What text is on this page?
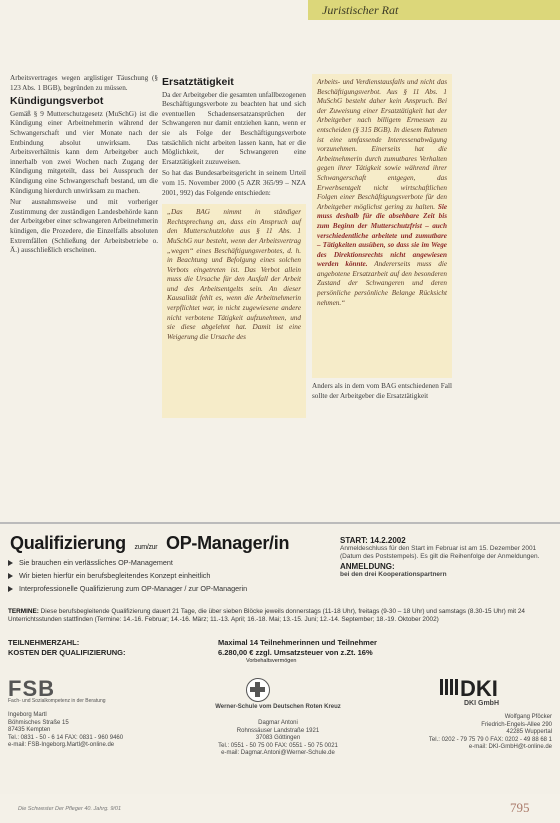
Juristischer Rat

Arbeitsvertrages wegen arglistiger Täuschung (§ 123 Abs. 1 BGB), begründen zu müssen.

Kündigungsverbot

Gemäß § 9 Mutterschutzgesetz (MuSchG) ist die Kündigung einer Arbeitnehmerin während der Schwangerschaft und vier Monate nach der Entbindung absolut unwirksam. Das Arbeitsverhältnis kann dem Arbeitgeber auch innerhalb von zwei Wochen nach Zugang der Kündigung mitgeteilt, dass bei Ausspruch der Kündigung eine Schwangerschaft bestand, um die Kündigung hierdurch unwirksam zu machen.

Nur ausnahmsweise und mit vorheriger Zustimmung der zuständigen Landesbehörde kann der Arbeitgeber einer schwangeren Arbeitnehmerin kündigen, die Prozedere, die Einzelfalls absoluten Extremfällen (Schließung der Arbeitsbetriebe o. Ä.) ausschließlich erscheinen.

Ersatztätigkeit

Da der Arbeitgeber die gesamten unfallbezogenen Beschäftigungsverbote zu beachten hat und sich eventuellen Schadensersatzansprüchen der Schwangeren nur damit entziehen kann, wenn er sie als Folge der Beschäftigungsverbote tatsächlich nicht arbeiten lassen kann, hat er die Möglichkeit, der Schwangeren eine Ersatztätigkeit zuzuweisen.

So hat das Bundesarbeitsgericht in seinem Urteil vom 15. November 2000 (5 AZR 365/99 – NZA 2001, 992) das Folgende entschieden:

„Das BAG nimmt in ständiger Rechtsprechung an, dass ein Anspruch auf den Mutterschutzlohn aus § 11 Abs. 1 MuSchG nur besteht, wenn der Arbeitsvertrag „wegen“ eines Beschäftigungsverbotes, d. h. in Beachtung und Befolgung eines solchen Verbots eingetreten ist. Das Verbot allein muss die Ursache für den Ausfall der Arbeit und des Arbeitsentgelts sein. An dieser Kausalität fehlt es, wenn die Arbeitnehmerin verpflichtet war, in nicht zugewiesene andere nicht verbotene Tätigkeit aufzunehmen, und sie diese abgelehnt hat. Damit ist eine Weigerung die Ursache des
Arbeits- und Verdienstausfalls und nicht das Beschäftigungsverbot. Aus § 11 Abs. 1 MuSchG besteht daher kein Anspruch. Bei der Zuweisung einer Ersatztätigkeit hat der Arbeitgeber nach billigem Ermessen zu entscheiden (§ 315 BGB). In diesem Rahmen ist eine umfassende Interessenabwägung vorzunehmen. Einerseits hat die Arbeitnehmerin durch zumutbares Verhalten gegen ihrer Tätigkeit sowie während ihrer Schwangerschaft entgegen, das Erwerbsentgelt nicht wirtschaftlichen Folgen einer Beschäftigungsverbote für den Arbeitgeber möglichst gering zu halten. Sie muss deshalb für die absehbare Zeit bis zum Beginn der Mutterschutzfrist – auch verschiedentliche arbeitete und zumutbare – Tätigkeiten ausüben, so dass sie im Wege des Direktionsrechts nicht angewiesen werden könnte. Andererseits muss die angebotene Ersatzarbeit auf den besonderen Zustand der Schwangeren und deren persönliche persönliche Belange Rücksicht nehmen.“

Anders als in dem vom BAG entschiedenen Fall sollte der Arbeitgeber die Ersatztätigkeit

Qualifizierung zum/zur OP-Manager/in
Sie brauchen ein verlässliches OP-Management
Wir bieten hierfür ein berufsbegleitendes Konzept einheitlich
Interprofessionelle Qualifizierung zum OP-Manager / zur OP-Managerin
START: 14.2.2002
Anmeldeschluss für den Start im Februar ist am 15. Dezember 2001 (Datum des Poststempels). Es gilt die Reihenfolge der Anmeldungen.
ANMELDUNG:
bei den drei Kooperationspartnern
TERMINE: Diese berufsbegleitende Qualifizierung dauert 21 Tage, die über sieben Blöcke jeweils donnerstags (11-18 Uhr), freitags (9-30 – 18 Uhr) und samstags (8.30-15 Uhr) mit 24 Unterrichtsstunden stattfinden (Termine: 14.-16. Februar; 14.-16. März; 11.-13. April; 16.-18. Mai; 13.-15. Juni; 12.-14. September; 18.-19. Oktober 2002)
TEILNEHMERZAHL:	Maximal 14 Teilnehmerinnen und Teilnehmer
KOSTEN DER QUALIFIZIERUNG:	6.280,00 € zzgl. Umsatzsteuer von z.Zt. 16%
Vorbehaltsvermögen
FSB
Fach- und Sozialkompetenz in der Beratung
Ingeborg Martl
Böhmisches Straße 15
87435 Kempten
Tel.: 0831 - 50 - 6 14 FAX: 0831 - 960 9460
e-mail: FSB-Ingeborg.Martl@t-online.de
Werner-Schule vom Deutschen Roten Kreuz
Dagmar Antoni
Rohnssäuser Landstraße 1921
37083 Göttingen
Tel.: 0551 - 50 75 00 FAX: 0551 - 50 75 0021
e-mail: Dagmar.Antoni@Werner-Schule.de
DKI
DKI GmbH
Wolfgang Pföcker
Friedrich-Engels-Allee 290
42285 Wuppertal
Tel.: 0202 - 79 75 79 0 FAX: 0202 - 49 88 68 1
e-mail: DKI-GmbH@t-online.de
Die Schwester Der Pfleger 40. Jahrg. 9/01	795
